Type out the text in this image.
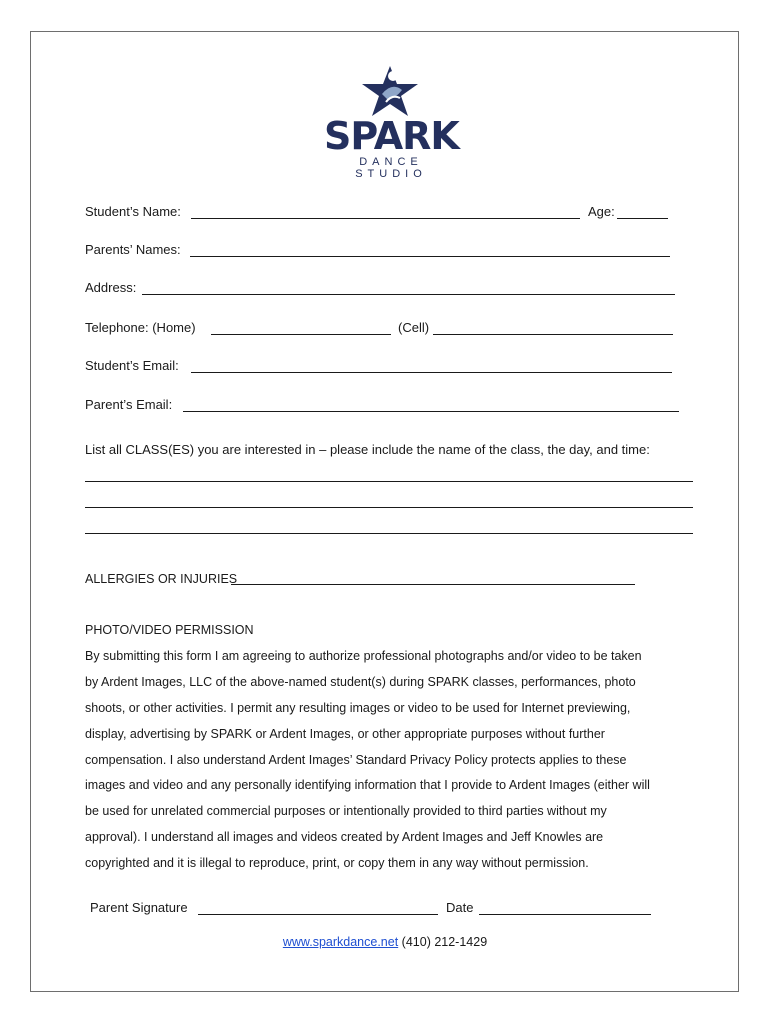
SPARK
DANCE STUDIO
Student’s Name:	Age:
Parents’ Names:
Address:
Telephone: (Home)	(Cell)
Student’s Email:
Parent’s Email:
List all CLASS(ES) you are interested in – please include the name of the class, the day, and time:
ALLERGIES OR INJURIES
PHOTO/VIDEO PERMISSION
By submitting this form I am agreeing to authorize professional photographs and/or video to be taken
by Ardent Images, LLC of the above-named student(s) during SPARK classes, performances, photo
shoots, or other activities. I permit any resulting images or video to be used for Internet previewing,
display, advertising by SPARK or Ardent Images, or other appropriate purposes without further
compensation. I also understand Ardent Images’ Standard Privacy Policy protects applies to these
images and video and any personally identifying information that I provide to Ardent Images (either will
be used for unrelated commercial purposes or intentionally provided to third parties without my
approval). I understand all images and videos created by Ardent Images and Jeff Knowles are
copyrighted and it is illegal to reproduce, print, or copy them in any way without permission.
Parent Signature	Date
www.sparkdance.net (410) 212-1429
